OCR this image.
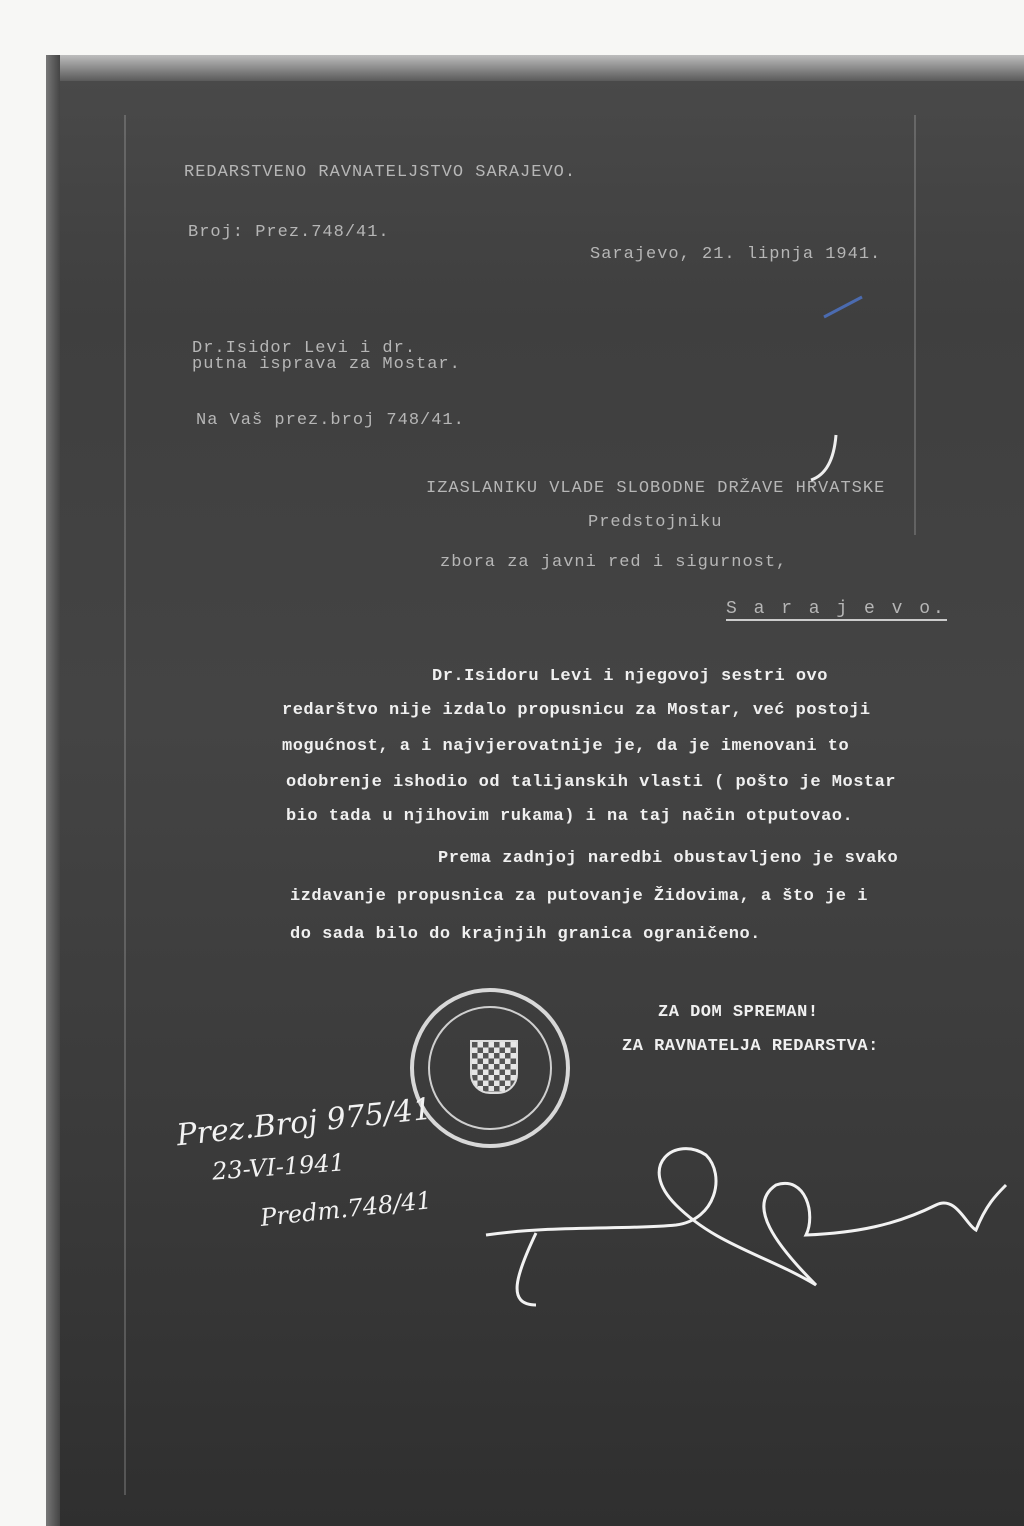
REDARSTVENO RAVNATELJSTVO SARAJEVO.
Broj: Prez.748/41.
Sarajevo, 21. lipnja 1941.
Dr.Isidor Levi i dr.
putna isprava za Mostar.
Na Vaš prez.broj 748/41.
IZASLANIKU VLADE SLOBODNE DRŽAVE HRVATSKE
Predstojniku
zbora za javni red i sigurnost,
S a r a j e v o.
Dr.Isidoru Levi i njegovoj sestri ovo
redarštvo nije izdalo propusnicu za Mostar, već postoji
mogućnost, a i najvjerovatnije je, da je imenovani to
odobrenje ishodio od talijanskih vlasti ( pošto je Mostar
bio tada u njihovim rukama) i na taj način otputovao.
Prema zadnjoj naredbi obustavljeno je svako
izdavanje propusnica za putovanje Židovima, a što je i
do sada bilo do krajnjih granica ograničeno.
ZA DOM SPREMAN!
ZA RAVNATELJA REDARSTVA:
Prez.Broj 975/41
23-VI-1941
Predm.748/41
